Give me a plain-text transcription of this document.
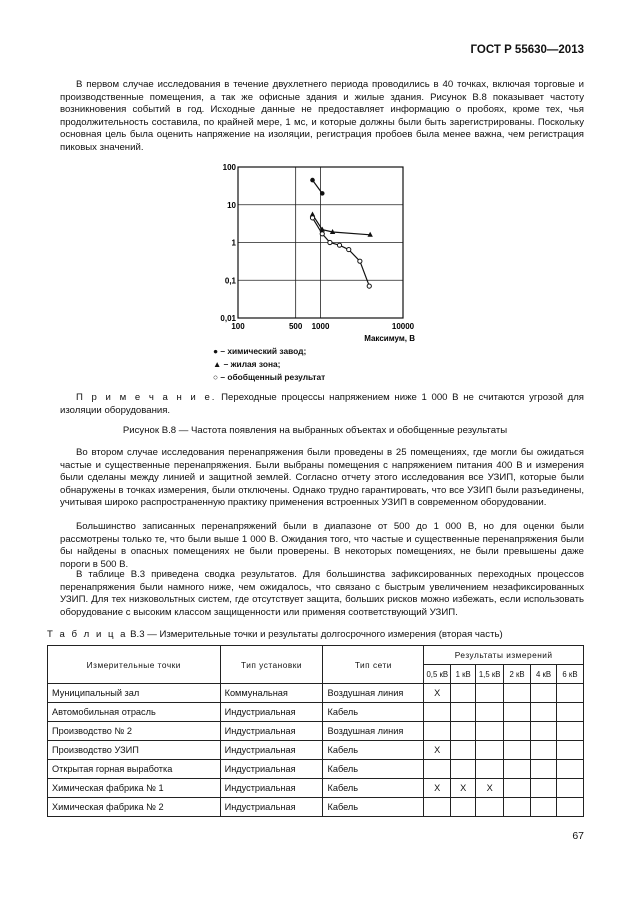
ГОСТ Р 55630—2013

В первом случае исследования в течение двухлетнего периода проводились в 40 точках, включая торговые и производственные помещения, а так же офисные здания и жилые здания. Рисунок В.8 показывает частоту возникновения событий в год. Исходные данные не предоставляет информацию о пробоях, кроме тех, чья продолжительность составила, по крайней мере, 1 мс, и которые должны были быть зарегистрированы. Поскольку основная цель была оценить напряжение на изоляции, регистрация пробоев была менее важна, чем регистрация пиковых значений.

100
10
1
0,1
0,01
100	500 1000	10000
Максимум, В
● – химический завод;
▲ – жилая зона;
○ – обобщенный результат
П р и м е ч а н и е. Переходные процессы напряжением ниже 1 000 В не считаются угрозой для изоляции оборудования.
Рисунок В.8 — Частота появления на выбранных объектах и обобщенные результаты

Во втором случае исследования перенапряжения были проведены в 25 помещениях, где могли бы ожидаться частые и существенные перенапряжения. Были выбраны помещения с напряжением питания 400 В и измерения были сделаны между линией и защитной землей. Согласно отчету этого исследования все УЗИП, которые были обнаружены в точках измерения, были отключены. Однако трудно гарантировать, что все УЗИП были разъединены, учитывая широко распространенную практику применения встроенных УЗИП в современном оборудовании.

Большинство записанных перенапряжений были в диапазоне от 500 до 1 000 В, но для оценки были рассмотрены только те, что были выше 1 000 В. Ожидания того, что частые и существенные перенапряжения были бы найдены в опасных помещениях не были проверены. В некоторых помещениях, не были превышены даже пороги в 500 В.

В таблице В.3 приведена сводка результатов. Для большинства зафиксированных переходных процессов перенапряжения были намного ниже, чем ожидалось, что связано с быстрым увеличением незафиксированных УЗИП. Для тех низковольтных систем, где отсутствует защита, больших рисков можно избежать, если использовать оборудование с высоким классом защищенности или применяя соответствующий УЗИП.

Т а б л и ц а В.3 — Измерительные точки и результаты долгосрочного измерения (вторая часть)
Измерительные точки	Тип установки	Тип сети	Результаты измерений					
			0,5 кВ	1 кВ	1,5 кВ	2 кВ	4 кВ	6 кВ
Муниципальный зал	Коммунальная	Воздушная линия	X					
Автомобильная отрасль	Индустриальная	Кабель						
Производство № 2	Индустриальная	Воздушная линия						
Производство УЗИП	Индустриальная	Кабель	X					
Открытая горная выработка	Индустриальная	Кабель						
Химическая фабрика № 1	Индустриальная	Кабель	X	X	X			
Химическая фабрика № 2	Индустриальная	Кабель						
67
